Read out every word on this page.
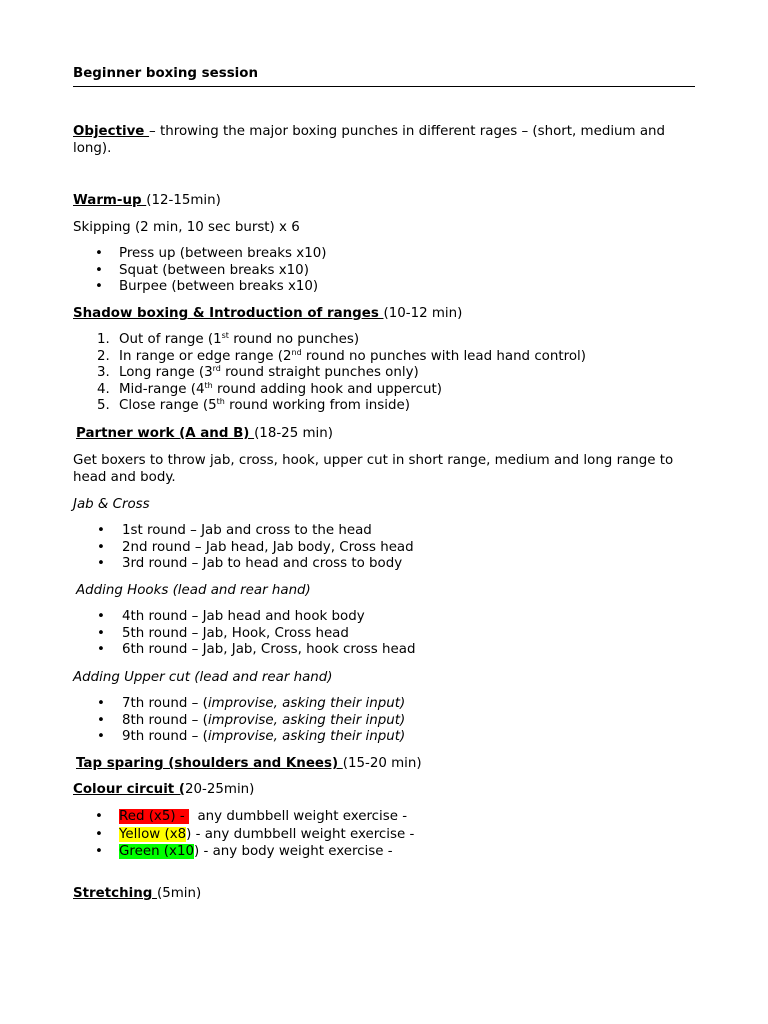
Beginner boxing session

Objective – throwing the major boxing punches in different rages – (short, medium and long).

Warm-up (12-15min)

Skipping (2 min, 10 sec burst) x 6

• Press up (between breaks x10)
• Squat (between breaks x10)
• Burpee (between breaks x10)

Shadow boxing & Introduction of ranges (10-12 min)

1. Out of range (1st round no punches)
2. In range or edge range (2nd round no punches with lead hand control)
3. Long range (3rd round straight punches only)
4. Mid-range (4th round adding hook and uppercut)
5. Close range (5th round working from inside)

Partner work (A and B) (18-25 min)

Get boxers to throw jab, cross, hook, upper cut in short range, medium and long range to head and body.

Jab & Cross

• 1st round – Jab and cross to the head
• 2nd round – Jab head, Jab body, Cross head
• 3rd round – Jab to head and cross to body

Adding Hooks (lead and rear hand)

• 4th round – Jab head and hook body
• 5th round – Jab, Hook, Cross head
• 6th round – Jab, Jab, Cross, hook cross head

Adding Upper cut (lead and rear hand)

• 7th round – (improvise, asking their input)
• 8th round – (improvise, asking their input)
• 9th round – (improvise, asking their input)

Tap sparing (shoulders and Knees) (15-20 min)

Colour circuit (20-25min)

• Red (x5) -   any dumbbell weight exercise -
• Yellow (x8) - any dumbbell weight exercise -
• Green (x10) - any body weight exercise -

Stretching (5min)
